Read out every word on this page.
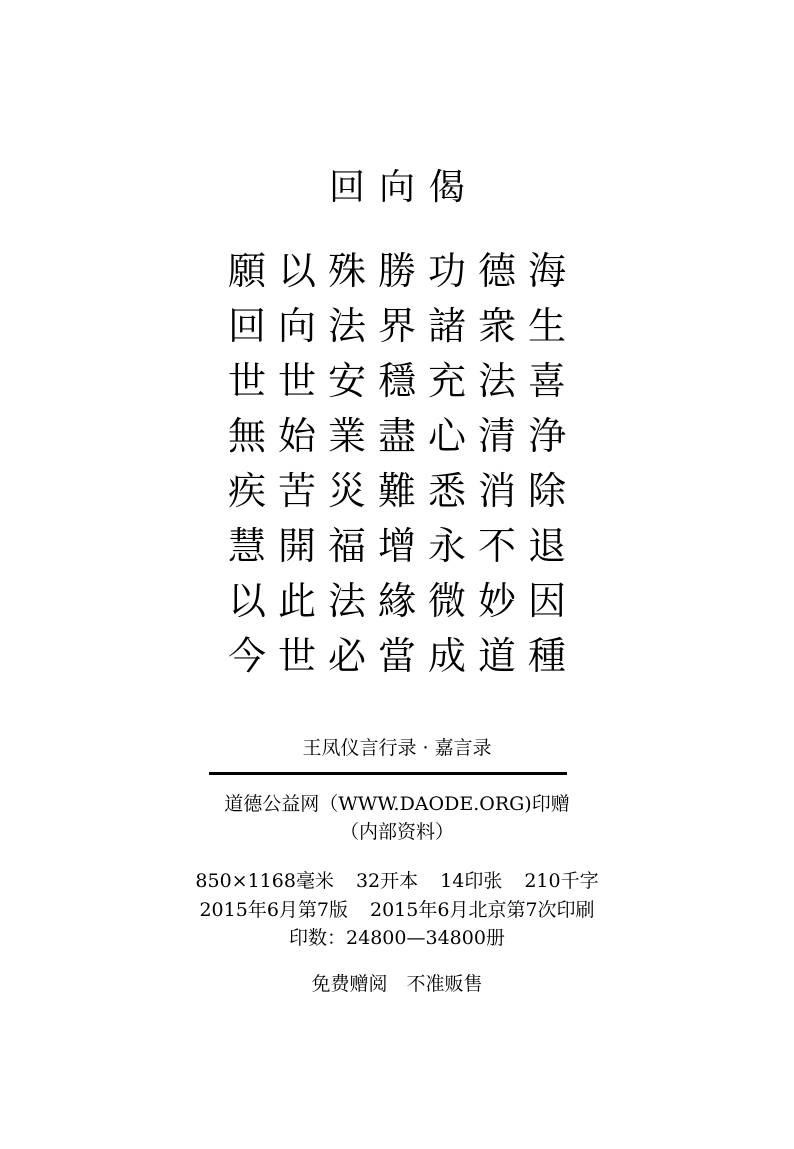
回向偈
願以殊勝功德海
回向法界諸衆生
世世安穩充法喜
無始業盡心清浄
疾苦災難悉消除
慧開福增永不退
以此法緣微妙因
今世必當成道種
王凤仪言行录 · 嘉言录
道德公益网（WWW.DAODE.ORG)印赠
（内部资料）
850×1168毫米 32开本 14印张 210千字
2015年6月第7版 2015年6月北京第7次印刷
印数：24800—34800册
免费赠阅　不准贩售
